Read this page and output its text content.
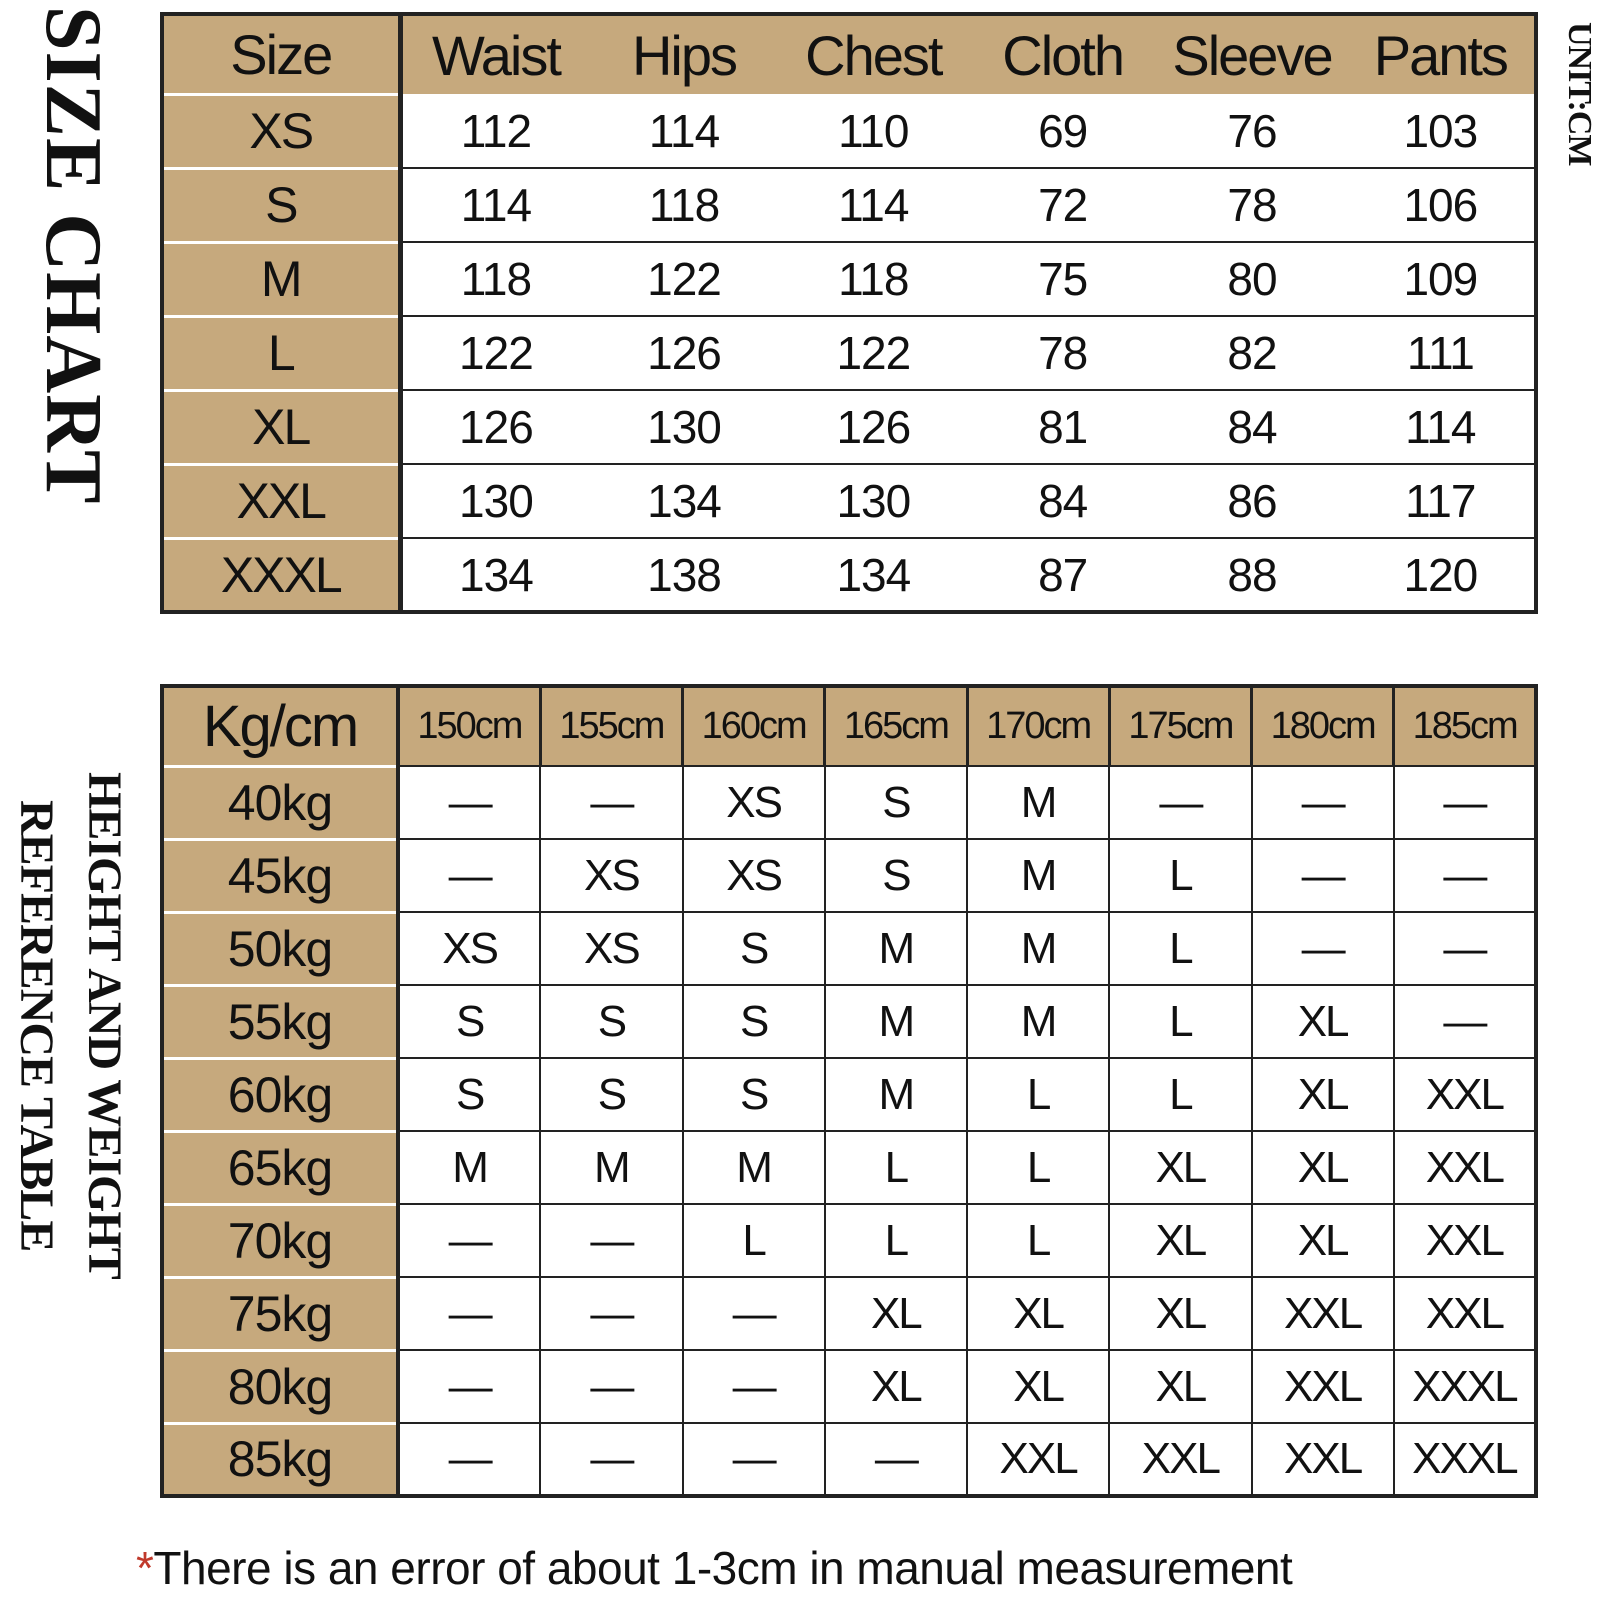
SIZE CHART	UNIT:CM
Size	Waist	Hips	Chest	Cloth	Sleeve	Pants
XS	112	114	110	69	76	103
S	114	118	114	72	78	106
M	118	122	118	75	80	109
L	122	126	122	78	82	111
XL	126	130	126	81	84	114
XXL	130	134	130	84	86	117
XXXL	134	138	134	87	88	120
HEIGHT AND WEIGHT
REFERENCE TABLE
Kg/cm	150cm	155cm	160cm	165cm	170cm	175cm	180cm	185cm
40kg	—	—	XS	S	M	—	—	—
45kg	—	XS	XS	S	M	L	—	—
50kg	XS	XS	S	M	M	L	—	—
55kg	S	S	S	M	M	L	XL	—
60kg	S	S	S	M	L	L	XL	XXL
65kg	M	M	M	L	L	XL	XL	XXL
70kg	—	—	L	L	L	XL	XL	XXL
75kg	—	—	—	XL	XL	XL	XXL	XXL
80kg	—	—	—	XL	XL	XL	XXL	XXXL
85kg	—	—	—	—	XXL	XXL	XXL	XXXL
*There is an error of about 1-3cm in manual measurement
